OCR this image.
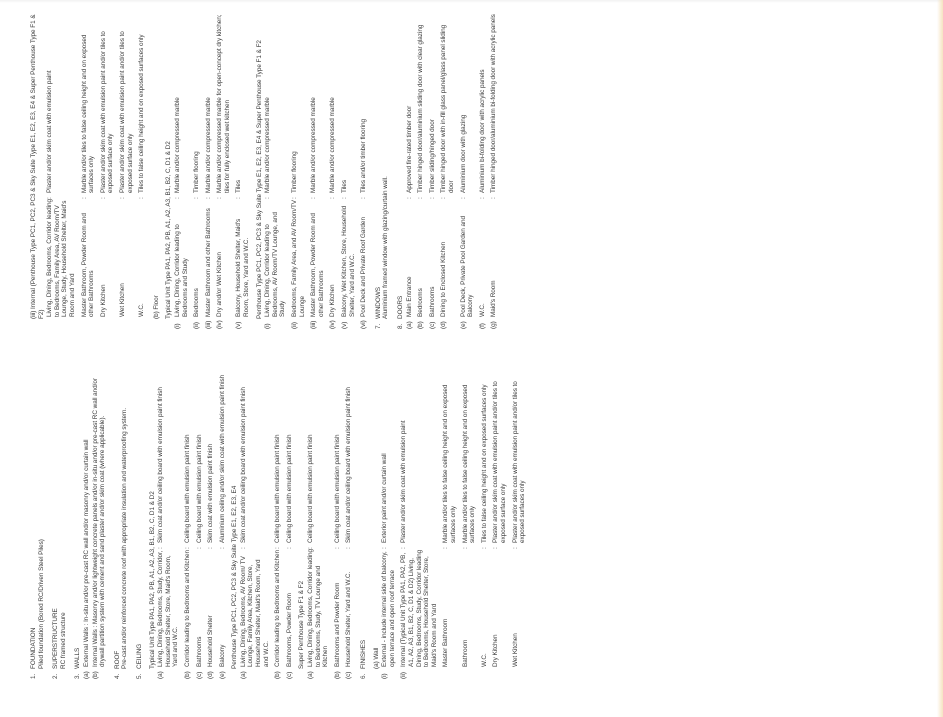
1.
FOUNDATION Piled foundation (Bored RC/Driven Steel Piles)
2.
SUPERSTRUCTURE RC framed structure
3.
WALLS
(a)
External Walls : In-situ and/or pre-cast RC wall and/or masonry and/or curtain wall
(b)
Internal Walls : Masonry and/or lightweight concrete panels and/or in-situ and/or pre-cast RC wall and/or drywall partition system with cement and sand plaster and/or skim coat (where applicable).
4.
ROOF Pre-cast and/or reinforced concrete roof with appropriate insulation and waterproofing system.
5.
CEILING Typical Unit Type PA1, PA2, PB, A1, A2, A3, B1, B2, C, D1 & D2
(a)
Living, Dining, Bedrooms, Study, Corridor, Household Shelter, Store, Maid's Room, Yard and W.C.
:
Skim coat and/or ceiling board with emulsion paint finish
(b)
Corridor leading to Bedrooms and Kitchen
:
Ceiling board with emulsion paint finish
(c)
Bathrooms
:
Ceiling board with emulsion paint finish
(d)
Household Shelter
:
Skim coat with emulsion paint finish
(e)
Balcony
:
Aluminium ceiling and/or skim coat with emulsion paint finish
Penthouse Type PC1, PC2, PC3 & Sky Suite Type E1, E2, E3, E4
(a)
Living, Dining, Bedrooms, AV Room/ TV Lounge, Family Area, Kitchen, Store, Household Shelter, Maid's Room, Yard and W.C.
:
Skim coat and/or ceiling board with emulsion paint finish
(b)
Corridor leading to Bedrooms and Kitchen
:
Ceiling board with emulsion paint finish
(c)
Bathrooms, Powder Room
:
Ceiling board with emulsion paint finish
Super Penthouse Type F1 & F2
(a)
Living, Dining, Bedrooms, Corridor leading to Bedrooms, Study, TV Lounge and Kitchen
:
Ceiling board with emulsion paint finish
(b)
Bathrooms and Powder Room
:
Ceiling board with emulsion paint finish
(c)
Household Shelter, Yard and W.C.
:
Skim coat and/or ceiling board with emulsion paint finish
6.
FINISHES (a) Wall
(i)
External - include internal side of balcony, open terrace and open roof terrace
:
Exterior paint and/or curtain wall
(ii)
Internal (Typical Unit Type PA1, PA2, PB, A1, A2, A3, B1, B2, C, D1 & D2) Living, Dining, Bedrooms, Study, Corridor leading to Bedrooms, Household Shelter, Store, Maid's Room and Yard
:
Plaster and/or skim coat with emulsion paint
Master Bathroom
:
Marble and/or tiles to false ceiling height and on exposed surfaces only
Bathroom
:
Marble and/or tiles to false ceiling height and on exposed surfaces only
W.C.
:
Tiles to false ceiling height and on exposed surfaces only
Dry Kitchen
:
Plaster and/or skim coat with emulsion paint and/or tiles to exposed surface only
Wet Kitchen
:
Plaster and/or skim coat with emulsion paint and/or tiles to exposed surfaces only
(iii) Internal (Penthouse Type PC1, PC2, PC3 & Sky Suite Type E1, E2, E3, E4 & Super Penthouse Type F1 & F2) Living, Dining, Bedrooms, Corridor leading to Bedrooms, Family Area, AV Room/TV Lounge, Study, Household Shelter, Maid's Room and Yard
:
Plaster and/or skim coat with emulsion paint
Master Bathroom, Powder Room and other Bathrooms
:
Marble and/or tiles to false ceiling height and on exposed surfaces only
Dry Kitchen
:
Plaster and/or skim coat with emulsion paint and/or tiles to exposed surface only
Wet Kitchen
:
Plaster and/or skim coat with emulsion paint and/or tiles to exposed surface only
W.C.
:
Tiles to false ceiling height and on exposed surfaces only
(b) Floor Typical Unit Type PA1, PA2, PB, A1, A2, A3, B1, B2, C, D1 & D2
(i)
Living, Dining, Corridor leading to Bedrooms and Study
:
Marble and/or compressed marble
(ii)
Bedrooms
:
Timber flooring
(iii)
Master Bathroom and other Bathrooms
:
Marble and/or compressed marble
(iv)
Dry and/or Wet Kitchen
:
Marble and/or compressed marble for open-concept dry kitchen; tiles for fully enclosed wet kitchen
(v)
Balcony, Household Shelter, Maid's Room, Store, Yard and W.C.
:
Tiles Penthouse Type PC1, PC2, PC3 & Sky Suite Type E1, E2, E3, E4 & Super Penthouse Type F1 & F2
(i)
Living, Dining, Corridor leading to Bedrooms, AV Room/TV Lounge, and Study
:
Marble and/or compressed marble
(ii)
Bedrooms, Family Area, and AV Room/TV Lounge
:
Timber flooring
(iii)
Master Bathroom, Powder Room and other Bathrooms
:
Marble and/or compressed marble
(iv)
Dry Kitchen
:
Marble and/or compressed marble
(v)
Balcony, Wet Kitchen, Store, Household Shelter, Yard and W.C.
:
Tiles
(vi)
Pool Deck and Private Roof Garden
:
Tiles and/or timber flooring
7.
WINDOWS Aluminium framed window with glazing/curtain wall.
8.
DOORS
(a)
Main Entrance
:
Approved fire-rated timber door
(b)
Bedrooms
:
Timber hinged door/aluminium sliding door with clear glazing
(c)
Bathrooms
:
Timber sliding/hinged door
(d)
Dining to Enclosed Kitchen
:
Timber hinged door with in-fill glass panel/glass panel sliding door
(e)
Pool Deck, Private Pool Garden and Balcony
:
Aluminium door with glazing
(f)
W.C.
:
Aluminium bi-folding door with acrylic panels
(g)
Maid's Room
:
Timber hinged door/aluminium bi-folding door with acrylic panels
